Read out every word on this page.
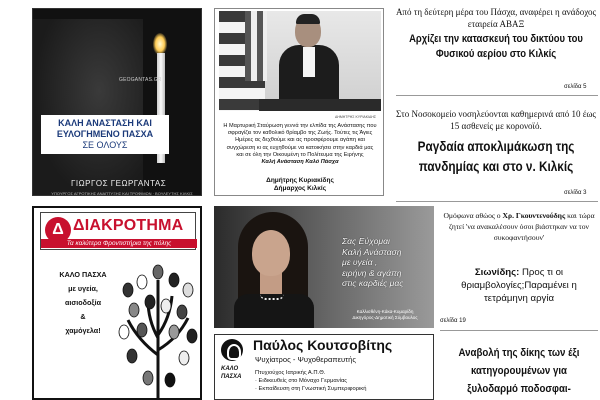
GEOGANTAS.GR
ΚΑΛΗ ΑΝΑΣΤΑΣΗ ΚΑΙ
ΕΥΛΟΓΗΜΕΝΟ ΠΑΣΧΑ
ΣΕ ΟΛΟΥΣ
ΓΙΩΡΓΟΣ ΓΕΩΡΓΑΝΤΑΣ
ΥΠΟΥΡΓΟΣ ΑΓΡΟΤΙΚΗΣ ΑΝΑΠΤΥΞΗΣ ΚΑΙ ΤΡΟΦΙΜΩΝ · ΒΟΥΛΕΥΤΗΣ ΚΙΛΚΙΣ
ΔΗΜΗΤΡΗΣ ΚΥΡΙΑΚΙΔΗΣ
Η Μαρτυρική Σταύρωση γεννά την ελπίδα της Ανάστασης που σφραγίζει τον καθολικό θρίαμβο της Ζωής. Τούτες τις Άγιες Ημέρες ας δεχθούμε και ας προσφέρουμε αγάπη και συγχώρεση κι ας ευχηθούμε να κατοικήσει στην καρδιά μας και σε όλη την Οικουμένη το Πολίτευμα της Ειρήνης
Καλή Ανάσταση Καλό Πάσχα
Δημήτρης Κυριακίδης
Δήμαρχος Κιλκίς
Από τη δεύτερη μέρα του Πάσχα, αναφέρει η ανάδοχος εταιρεία ΑΒΑΞ
Αρχίζει την κατασκευή του δικτύου του Φυσικού αερίου στο Κιλκίς
σελίδα 5
Στο Νοσοκομείο νοσηλεύονται καθημερινά από 10 έως 15 ασθενείς με κορονοϊό.
Ραγδαία αποκλιμάκωση της πανδημίας και στο ν. Κιλκίς
σελίδα 3
Δ ΔΙΑΚΡΟΤΗΜΑ
Τα καλύτερα Φροντιστήρια της πόλης
ΚΑΛΟ ΠΑΣΧΑ
με υγεία,
αισιοδοξία
&
χαμόγελα!
Σας Εύχομαι
Καλή Ανάσταση
με υγεία ,
ειρήνη & αγάπη
στις καρδιές μας
Καλλισθένη-Κάκα-Κυμαρίδη
Δικηγόρος-Δημοτική Σύμβουλος
Ομόφωνα αθώος ο Χρ. Γκουντενούδης και τώρα ζητεί 'να ανακαλέσουν όσοι βιάστηκαν να τον συκοφαντήσουν'
Σιωνίδης: Προς τι οι θριαμβολογίες;Παραμένει η τετράμηνη αργία
σελίδα 19
Αναβολή της δίκης των έξι κατηγορουμένων για ξυλοδαρμό ποδοσφαι-
Παύλος Κουτσοβίτης
Ψυχίατρος - Ψυχοθεραπευτής
ΚΑΛΟ
ΠΑΣΧΑ
Πτυχιούχος Ιατρικής Α.Π.Θ.
· Ειδικευθείς στο Μόναχο Γερμανίας
· Εκπαίδευση στη Γνωστική Συμπεριφορική
